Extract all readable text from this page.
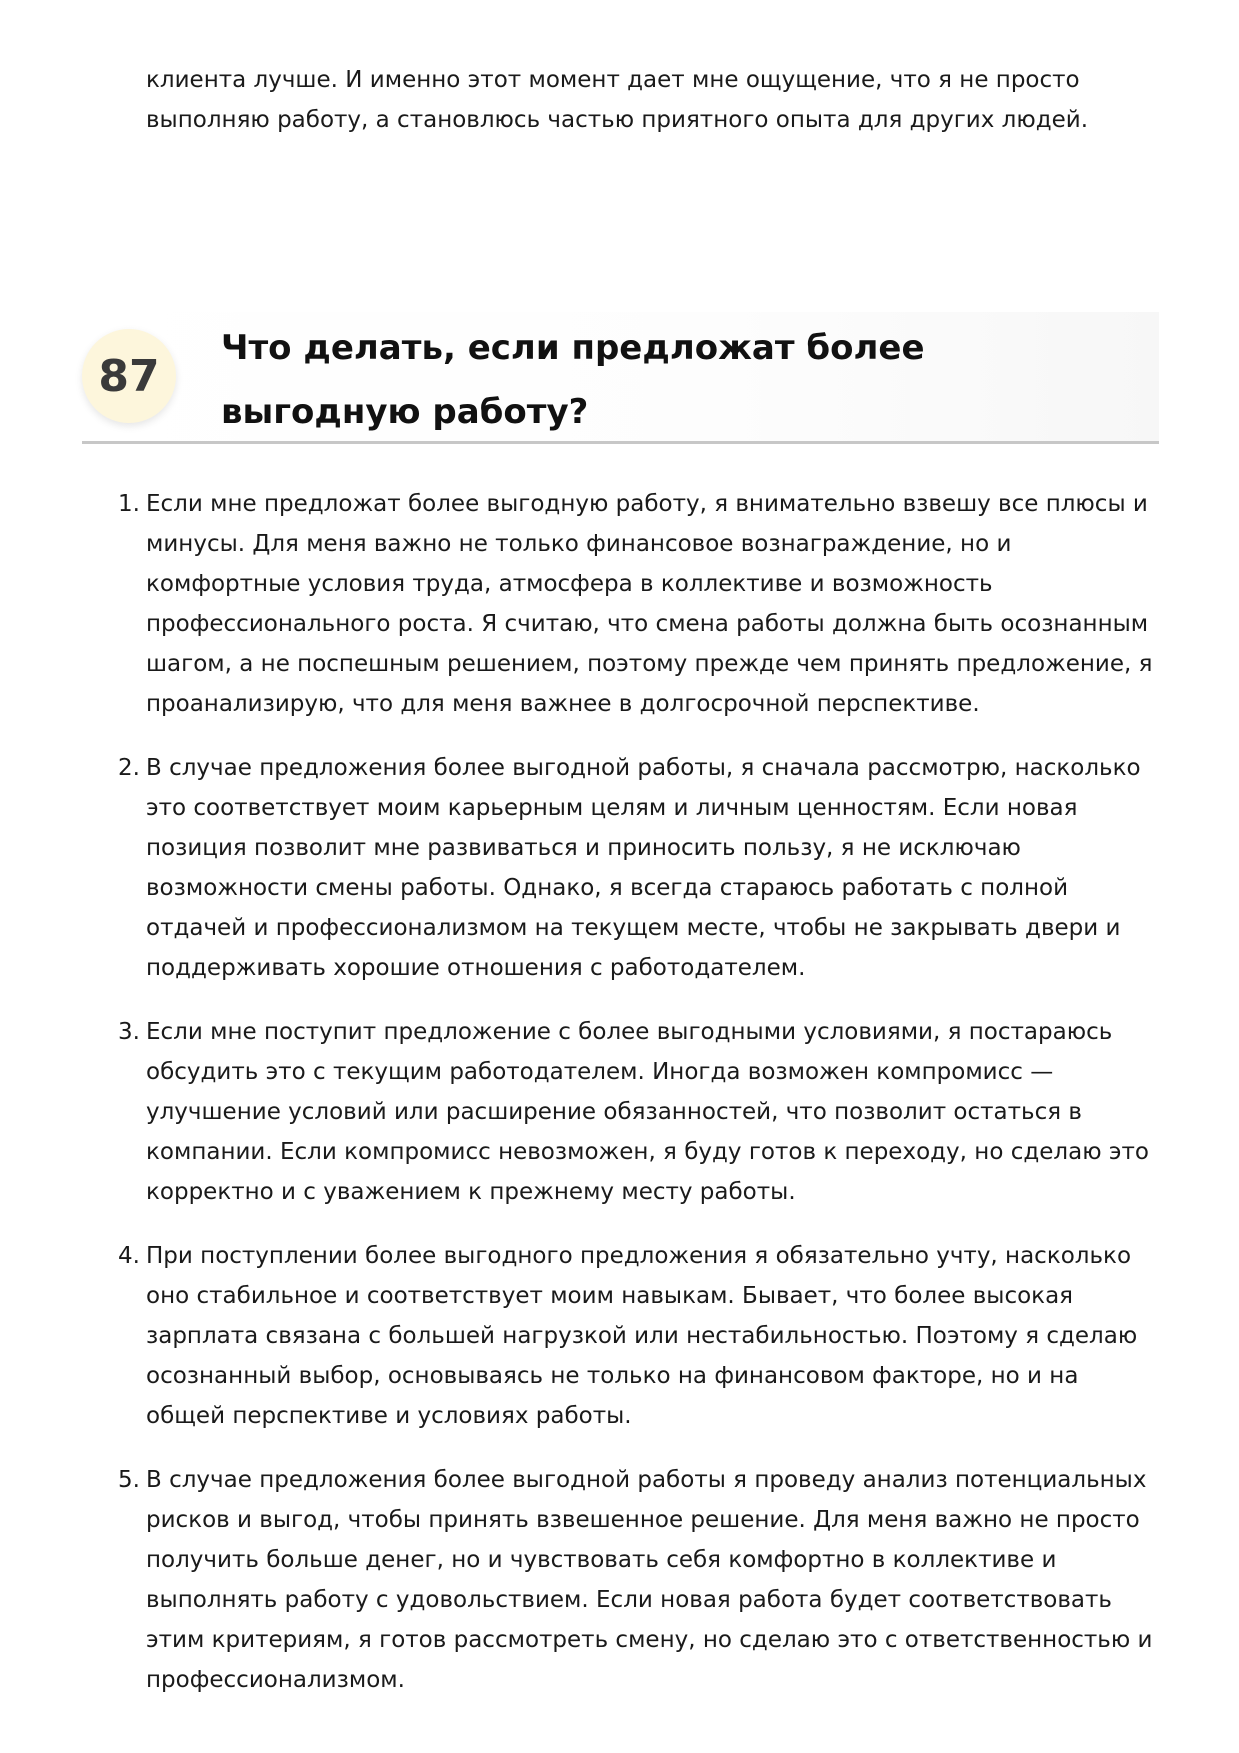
клиента лучше. И именно этот момент дает мне ощущение, что я не просто выполняю работу, а становлюсь частью приятного опыта для других людей.

87
Что делать, если предложат более выгодную работу?
1. Если мне предложат более выгодную работу, я внимательно взвешу все плюсы и минусы. Для меня важно не только финансовое вознаграждение, но и комфортные условия труда, атмосфера в коллективе и возможность профессионального роста. Я считаю, что смена работы должна быть осознанным шагом, а не поспешным решением, поэтому прежде чем принять предложение, я проанализирую, что для меня важнее в долгосрочной перспективе.
2. В случае предложения более выгодной работы, я сначала рассмотрю, насколько это соответствует моим карьерным целям и личным ценностям. Если новая позиция позволит мне развиваться и приносить пользу, я не исключаю возможности смены работы. Однако, я всегда стараюсь работать с полной отдачей и профессионализмом на текущем месте, чтобы не закрывать двери и поддерживать хорошие отношения с работодателем.
3. Если мне поступит предложение с более выгодными условиями, я постараюсь обсудить это с текущим работодателем. Иногда возможен компромисс — улучшение условий или расширение обязанностей, что позволит остаться в компании. Если компромисс невозможен, я буду готов к переходу, но сделаю это корректно и с уважением к прежнему месту работы.
4. При поступлении более выгодного предложения я обязательно учту, насколько оно стабильное и соответствует моим навыкам. Бывает, что более высокая зарплата связана с большей нагрузкой или нестабильностью. Поэтому я сделаю осознанный выбор, основываясь не только на финансовом факторе, но и на общей перспективе и условиях работы.
5. В случае предложения более выгодной работы я проведу анализ потенциальных рисков и выгод, чтобы принять взвешенное решение. Для меня важно не просто получить больше денег, но и чувствовать себя комфортно в коллективе и выполнять работу с удовольствием. Если новая работа будет соответствовать этим критериям, я готов рассмотреть смену, но сделаю это с ответственностью и профессионализмом.
